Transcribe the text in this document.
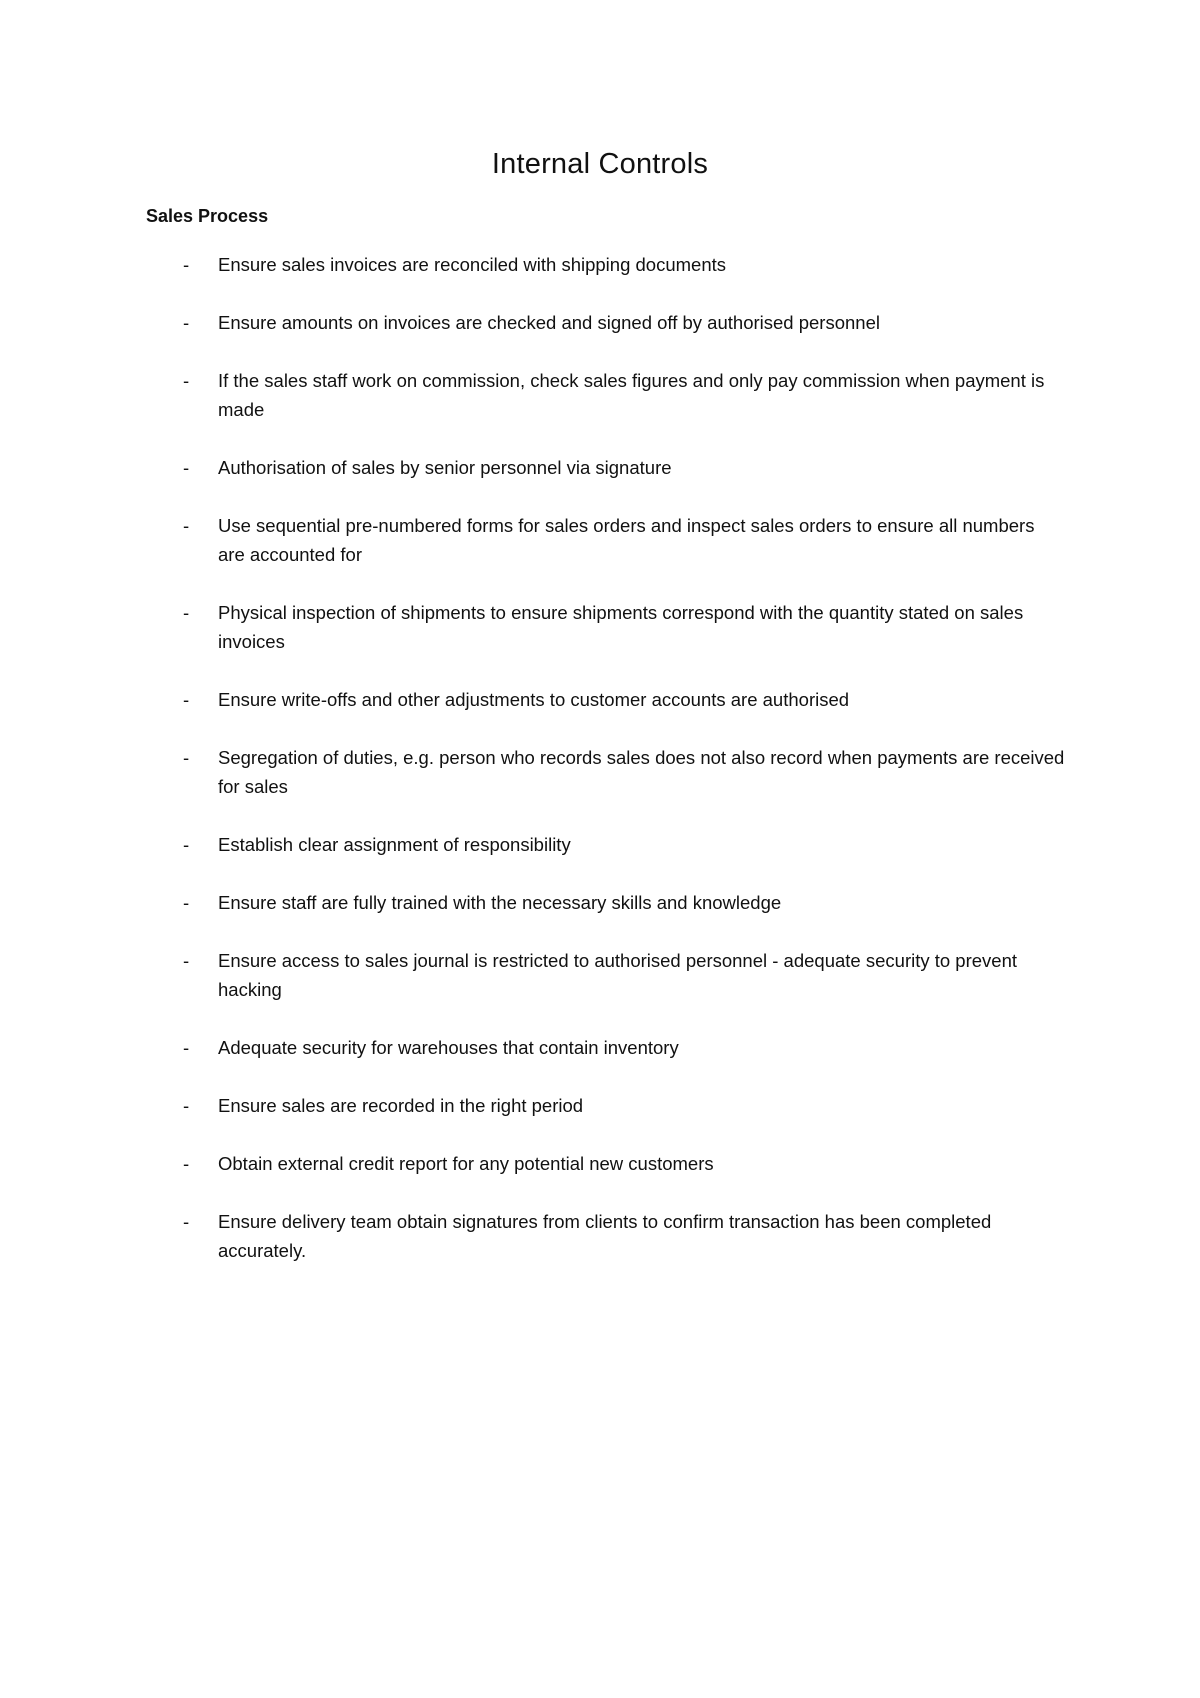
Internal Controls
Sales Process
- Ensure sales invoices are reconciled with shipping documents
- Ensure amounts on invoices are checked and signed off by authorised personnel
- If the sales staff work on commission, check sales figures and only pay commission when payment is made
- Authorisation of sales by senior personnel via signature
- Use sequential pre-numbered forms for sales orders and inspect sales orders to ensure all numbers are accounted for
- Physical inspection of shipments to ensure shipments correspond with the quantity stated on sales invoices
- Ensure write-offs and other adjustments to customer accounts are authorised
- Segregation of duties, e.g. person who records sales does not also record when payments are received for sales
- Establish clear assignment of responsibility
- Ensure staff are fully trained with the necessary skills and knowledge
- Ensure access to sales journal is restricted to authorised personnel - adequate security to prevent hacking
- Adequate security for warehouses that contain inventory
- Ensure sales are recorded in the right period
- Obtain external credit report for any potential new customers
- Ensure delivery team obtain signatures from clients to confirm transaction has been completed accurately.
